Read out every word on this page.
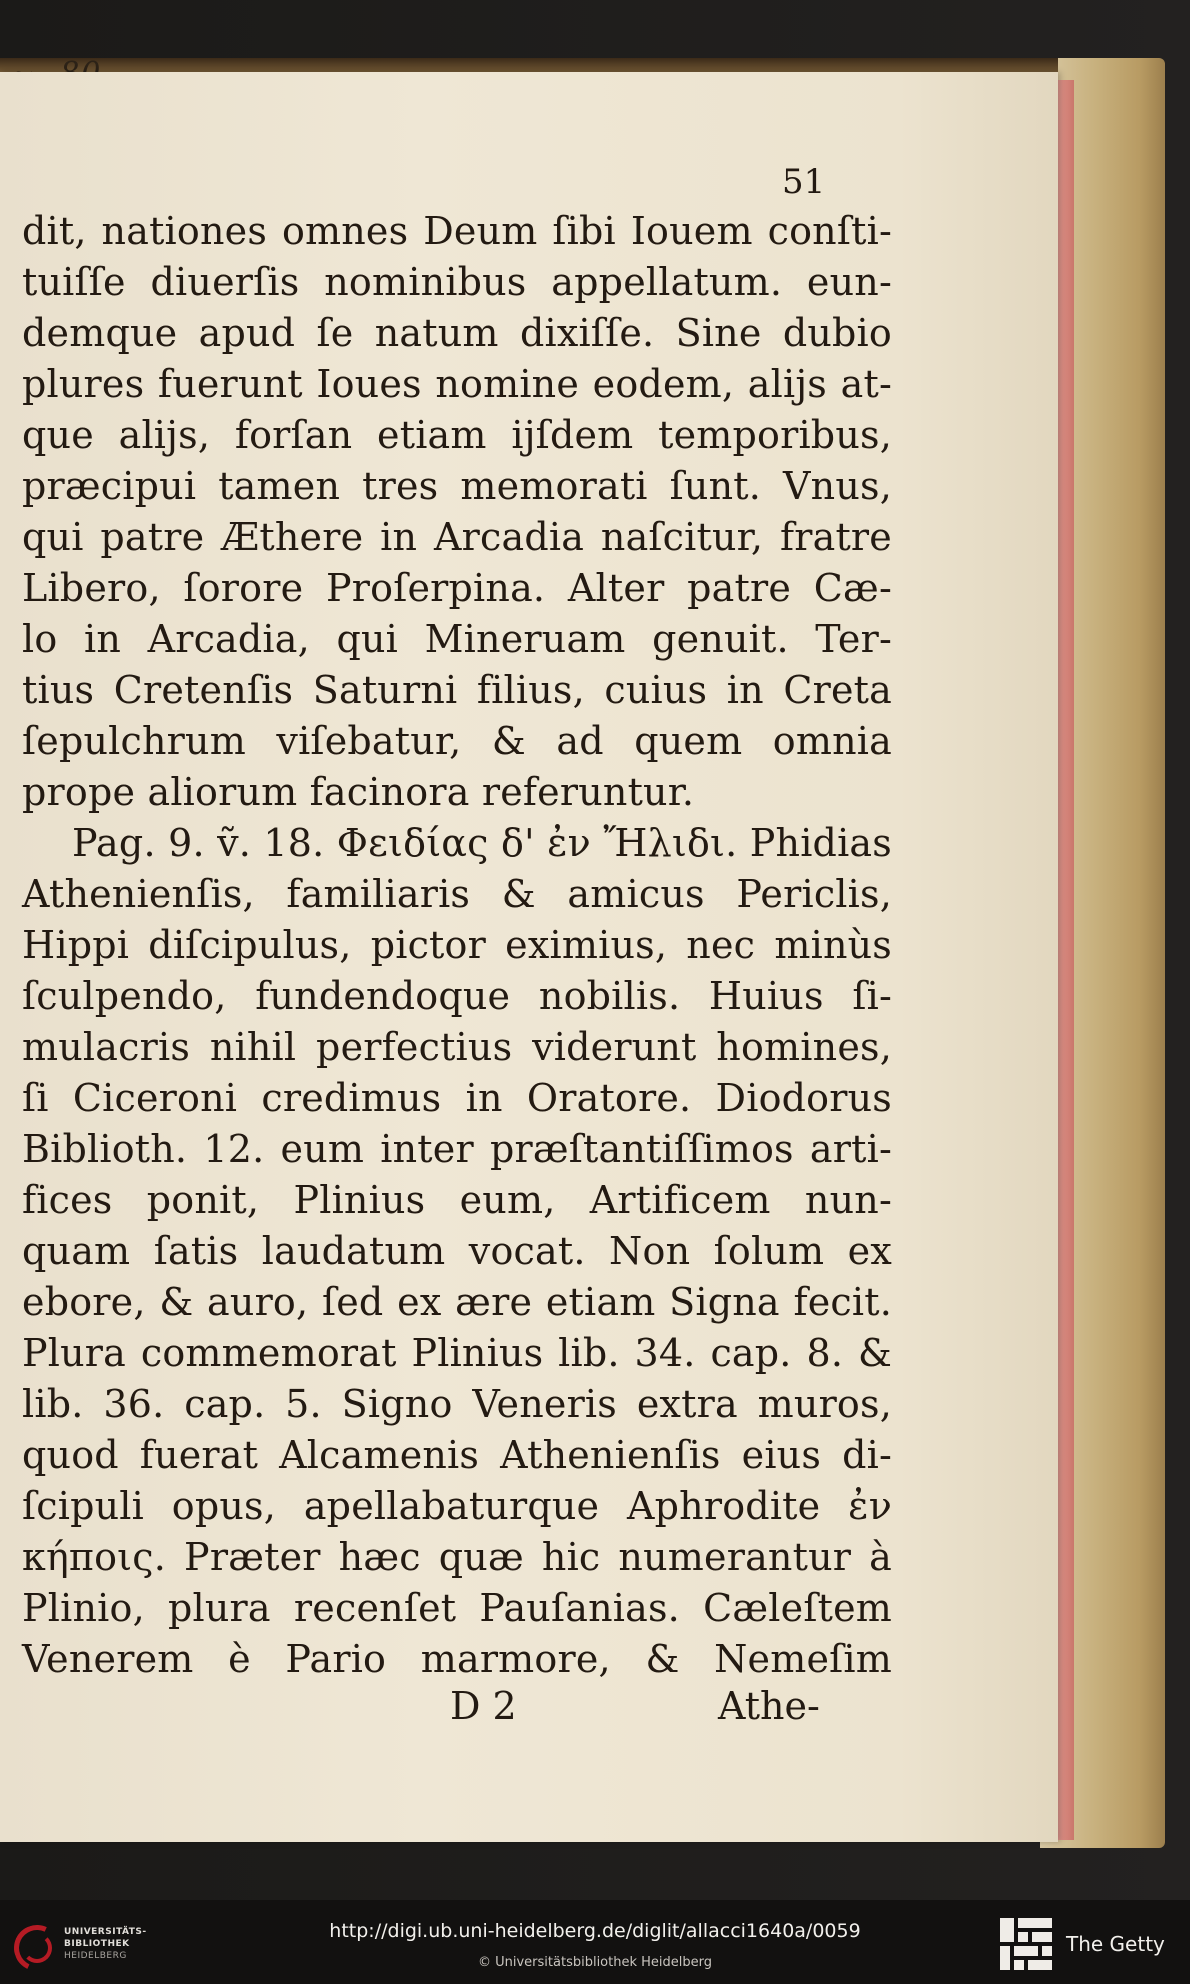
51
dit, nationes omnes Deum ſibi Iouem conſti-
tuiſſe diuerſis nominibus appellatum. eun-
demque apud ſe natum dixiſſe. Sine dubio
plures fuerunt Ioues nomine eodem, alijs at-
que alijs, forſan etiam ijſdem temporibus,
præcipui tamen tres memorati ſunt. Vnus,
qui patre Æthere in Arcadia naſcitur, fratre
Libero, ſorore Proſerpina. Alter patre Cæ-
lo in Arcadia, qui Mineruam genuit. Ter-
tius Cretenſis Saturni filius, cuius in Creta
ſepulchrum viſebatur, & ad quem omnia
prope aliorum facinora referuntur.
Pag. 9. ṽ. 18. Φειδίας δ' ἐν Ἤλιδι. Phidias
Athenienſis, familiaris & amicus Periclis,
Hippi diſcipulus, pictor eximius, nec minùs
ſculpendo, fundendoque nobilis. Huius ſi-
mulacris nihil perfectius viderunt homines,
ſi Ciceroni credimus in Oratore. Diodorus
Biblioth. 12. eum inter præſtantiſſimos arti-
fices ponit, Plinius eum, Artificem nun-
quam ſatis laudatum vocat. Non ſolum ex
ebore, & auro, ſed ex ære etiam Signa fecit.
Plura commemorat Plinius lib. 34. cap. 8. &
lib. 36. cap. 5. Signo Veneris extra muros,
quod fuerat Alcamenis Athenienſis eius di-
ſcipuli opus, apellabaturque Aphrodite ἐν
κήποις. Præter hæc quæ hic numerantur à
Plinio, plura recenſet Pauſanias. Cæleſtem
Venerem è Pario marmore, & Nemeſim
D 2	Athe-
UNIVERSITÄTS-
BIBLIOTHEK
HEIDELBERG
http://digi.ub.uni-heidelberg.de/diglit/allacci1640a/0059
© Universitätsbibliothek Heidelberg
The Getty
